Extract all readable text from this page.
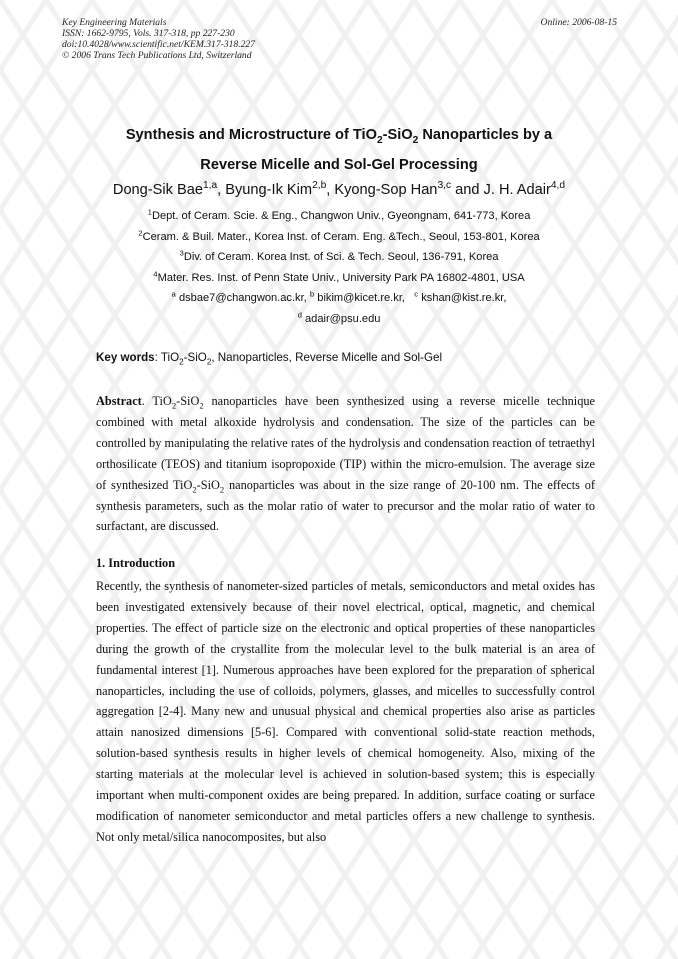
Key Engineering Materials
ISSN: 1662-9795, Vols. 317-318, pp 227-230
doi:10.4028/www.scientific.net/KEM.317-318.227
© 2006 Trans Tech Publications Ltd, Switzerland
Online: 2006-08-15
Synthesis and Microstructure of TiO$_2$-SiO$_2$ Nanoparticles by a
Reverse Micelle and Sol-Gel Processing
Dong-Sik Bae$^{1,a}$, Byung-Ik Kim$^{2,b}$, Kyong-Sop Han$^{3,c}$ and J. H. Adair$^{4,d}$
$^1$Dept. of Ceram. Scie. & Eng., Changwon Univ., Gyeongnam, 641-773, Korea
$^2$Ceram. & Buil. Mater., Korea Inst. of Ceram. Eng. &Tech., Seoul, 153-801, Korea
$^3$Div. of Ceram. Korea Inst. of Sci. & Tech. Seoul, 136-791, Korea
$^4$Mater. Res. Inst. of Penn State Univ., University Park PA 16802-4801, USA
$^a$ dsbae7@changwon.ac.kr, $^b$ bikim@kicet.re.kr, $^c$ kshan@kist.re.kr,
$^d$ adair@psu.edu
Key words: TiO$_2$-SiO$_2$, Nanoparticles, Reverse Micelle and Sol-Gel
Abstract. TiO$_2$-SiO$_2$ nanoparticles have been synthesized using a reverse micelle technique combined with metal alkoxide hydrolysis and condensation. The size of the particles can be controlled by manipulating the relative rates of the hydrolysis and condensation reaction of tetraethyl orthosilicate (TEOS) and titanium isopropoxide (TIP) within the micro-emulsion. The average size of synthesized TiO$_2$-SiO$_2$ nanoparticles was about in the size range of 20-100 nm. The effects of synthesis parameters, such as the molar ratio of water to precursor and the molar ratio of water to surfactant, are discussed.
1. Introduction
Recently, the synthesis of nanometer-sized particles of metals, semiconductors and metal oxides has been investigated extensively because of their novel electrical, optical, magnetic, and chemical properties. The effect of particle size on the electronic and optical properties of these nanoparticles during the growth of the crystallite from the molecular level to the bulk material is an area of fundamental interest [1]. Numerous approaches have been explored for the preparation of spherical nanoparticles, including the use of colloids, polymers, glasses, and micelles to successfully control aggregation [2-4]. Many new and unusual physical and chemical properties also arise as particles attain nanosized dimensions [5-6]. Compared with conventional solid-state reaction methods, solution-based synthesis results in higher levels of chemical homogeneity. Also, mixing of the starting materials at the molecular level is achieved in solution-based system; this is especially important when multi-component oxides are being prepared. In addition, surface coating or surface modification of nanometer semiconductor and metal particles offers a new challenge to synthesis. Not only metal/silica nanocomposites, but also
